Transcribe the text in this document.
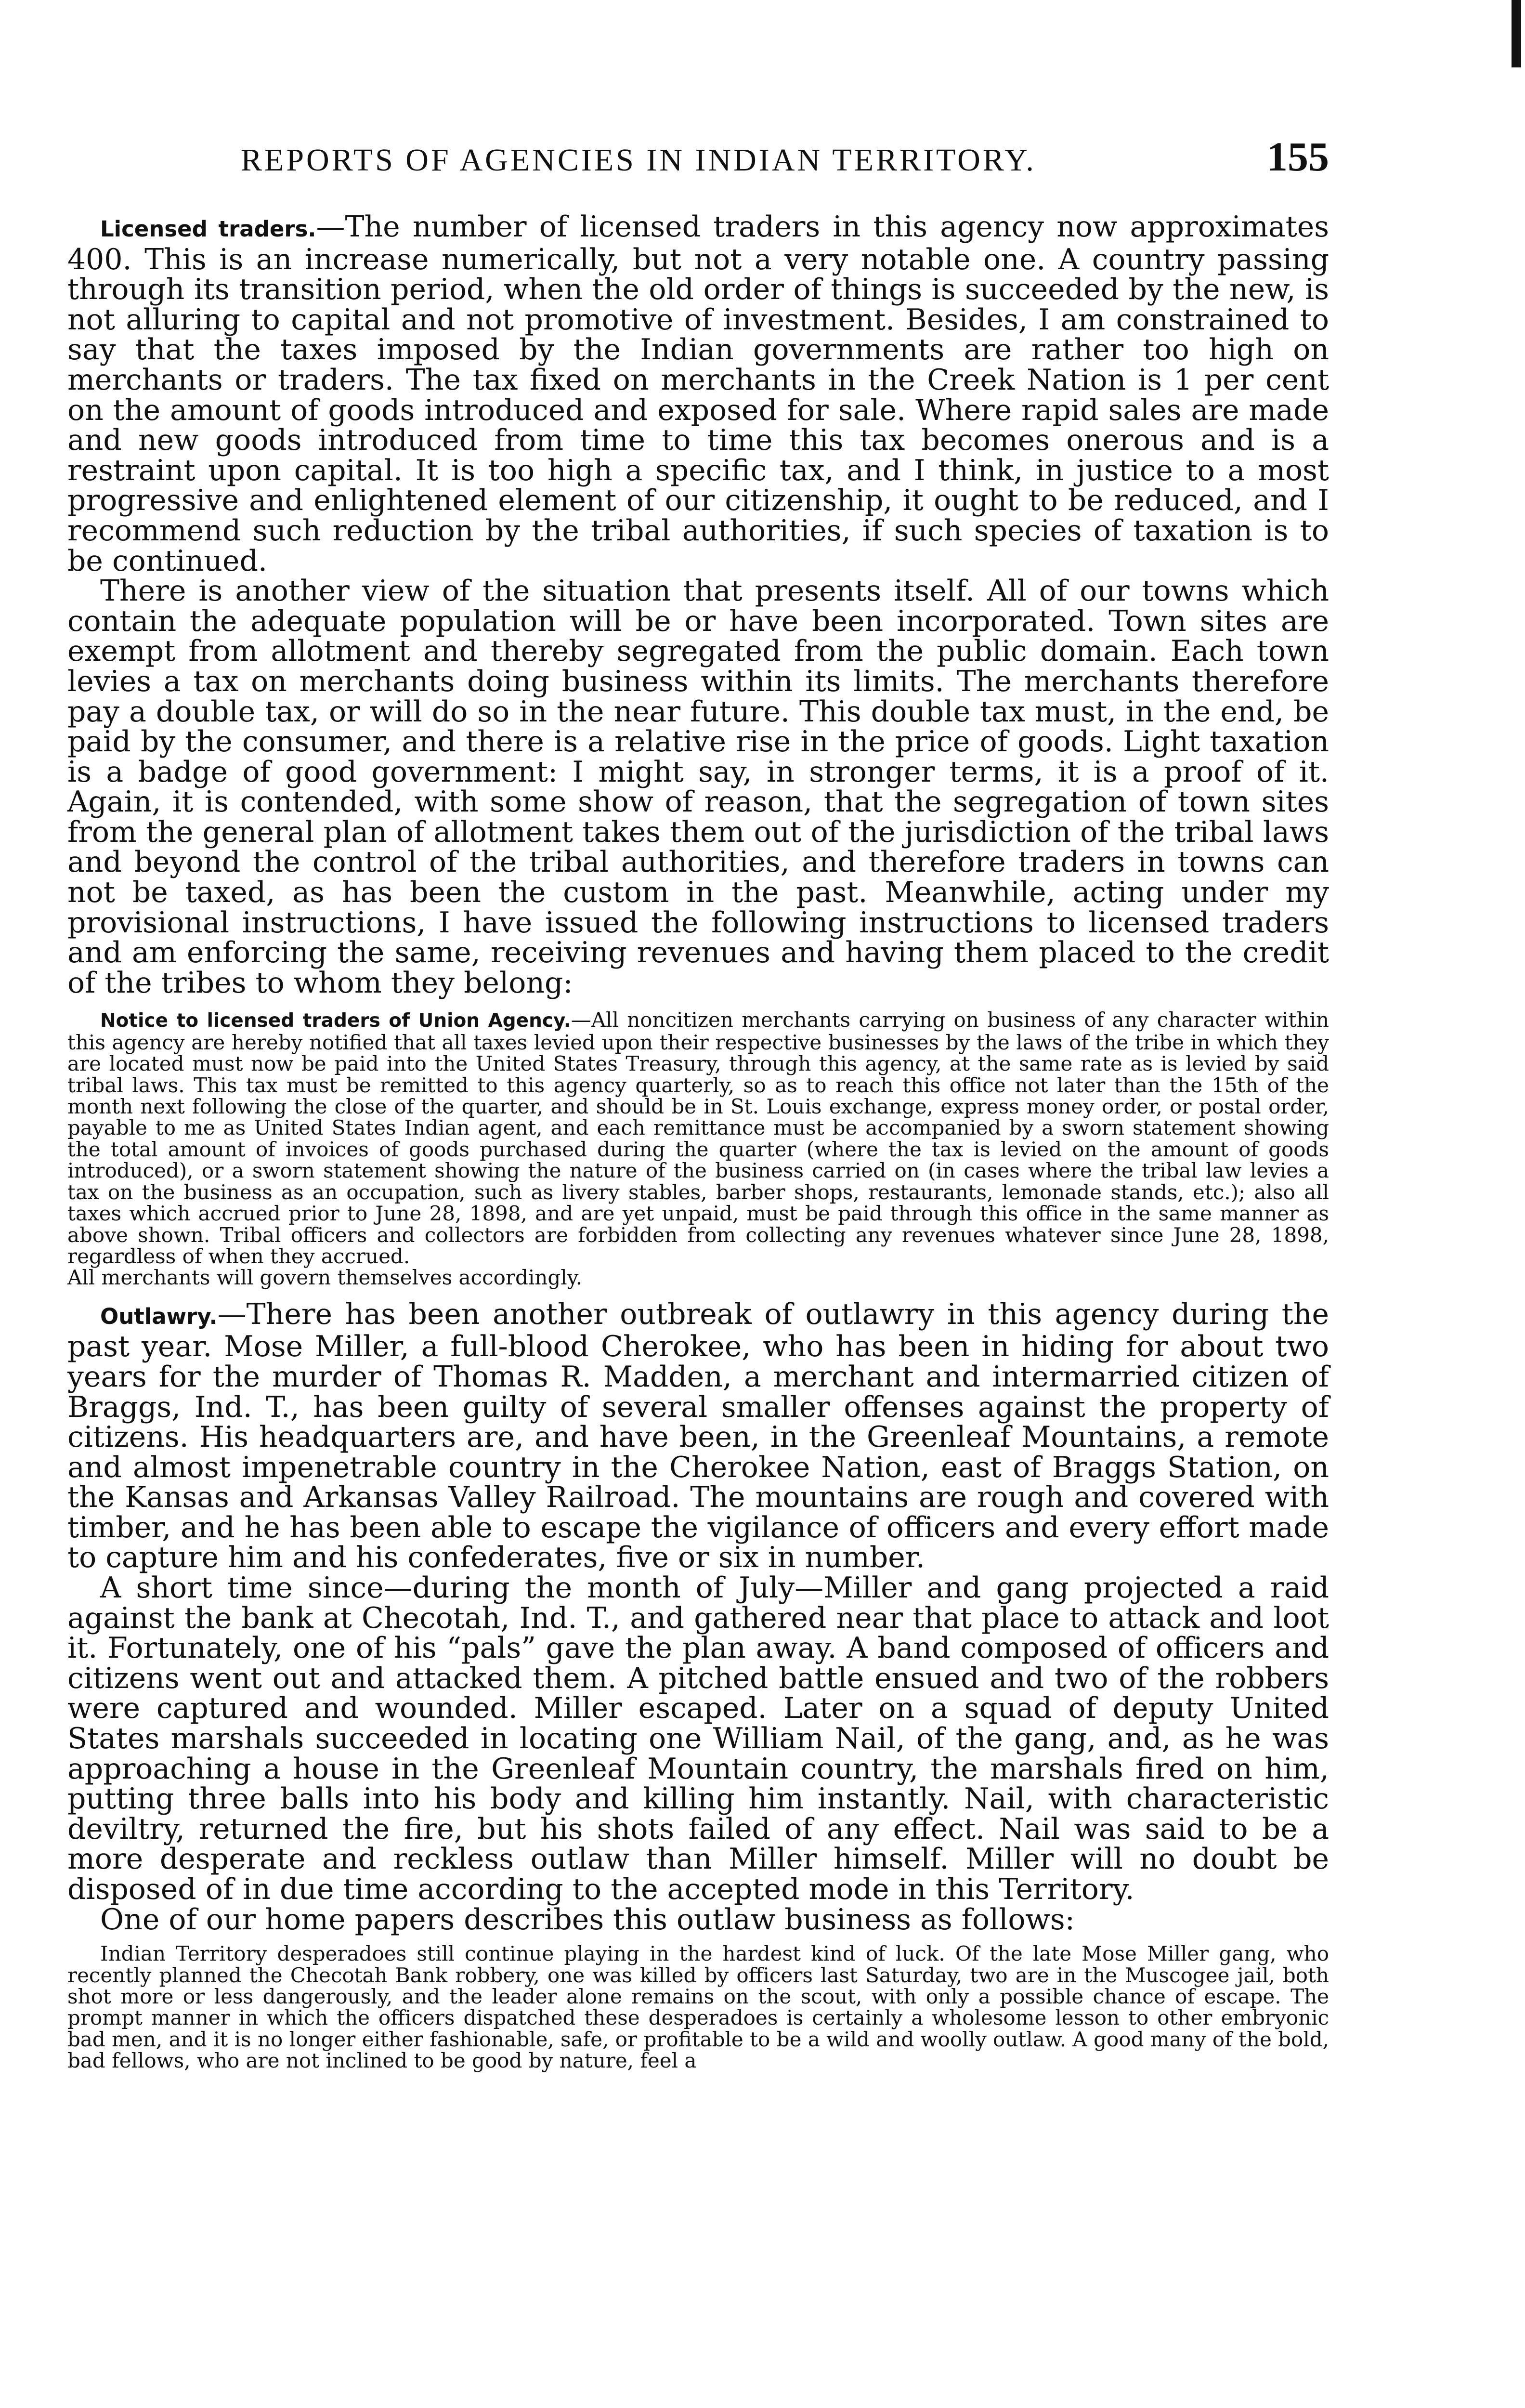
REPORTS OF AGENCIES IN INDIAN TERRITORY.	155

Licensed traders.—The number of licensed traders in this agency now approximates 400. This is an increase numerically, but not a very notable one. A country passing through its transition period, when the old order of things is succeeded by the new, is not alluring to capital and not promotive of investment. Besides, I am constrained to say that the taxes imposed by the Indian governments are rather too high on merchants or traders. The tax fixed on merchants in the Creek Nation is 1 per cent on the amount of goods introduced and exposed for sale. Where rapid sales are made and new goods introduced from time to time this tax becomes onerous and is a restraint upon capital. It is too high a specific tax, and I think, in justice to a most progressive and enlightened element of our citizenship, it ought to be reduced, and I recommend such reduction by the tribal authorities, if such species of taxation is to be continued.

There is another view of the situation that presents itself. All of our towns which contain the adequate population will be or have been incorporated. Town sites are exempt from allotment and thereby segregated from the public domain. Each town levies a tax on merchants doing business within its limits. The merchants therefore pay a double tax, or will do so in the near future. This double tax must, in the end, be paid by the consumer, and there is a relative rise in the price of goods. Light taxation is a badge of good government: I might say, in stronger terms, it is a proof of it. Again, it is contended, with some show of reason, that the segregation of town sites from the general plan of allotment takes them out of the jurisdiction of the tribal laws and beyond the control of the tribal authorities, and therefore traders in towns can not be taxed, as has been the custom in the past. Meanwhile, acting under my provisional instructions, I have issued the following instructions to licensed traders and am enforcing the same, receiving revenues and having them placed to the credit of the tribes to whom they belong:

Notice to licensed traders of Union Agency.—All noncitizen merchants carrying on business of any character within this agency are hereby notified that all taxes levied upon their respective businesses by the laws of the tribe in which they are located must now be paid into the United States Treasury, through this agency, at the same rate as is levied by said tribal laws. This tax must be remitted to this agency quarterly, so as to reach this office not later than the 15th of the month next following the close of the quarter, and should be in St. Louis exchange, express money order, or postal order, payable to me as United States Indian agent, and each remittance must be accompanied by a sworn statement showing the total amount of invoices of goods purchased during the quarter (where the tax is levied on the amount of goods introduced), or a sworn statement showing the nature of the business carried on (in cases where the tribal law levies a tax on the business as an occupation, such as livery stables, barber shops, restaurants, lemonade stands, etc.); also all taxes which accrued prior to June 28, 1898, and are yet unpaid, must be paid through this office in the same manner as above shown. Tribal officers and collectors are forbidden from collecting any revenues whatever since June 28, 1898, regardless of when they accrued.

All merchants will govern themselves accordingly.

Outlawry.—There has been another outbreak of outlawry in this agency during the past year. Mose Miller, a full-blood Cherokee, who has been in hiding for about two years for the murder of Thomas R. Madden, a merchant and intermarried citizen of Braggs, Ind. T., has been guilty of several smaller offenses against the property of citizens. His headquarters are, and have been, in the Greenleaf Mountains, a remote and almost impenetrable country in the Cherokee Nation, east of Braggs Station, on the Kansas and Arkansas Valley Railroad. The mountains are rough and covered with timber, and he has been able to escape the vigilance of officers and every effort made to capture him and his confederates, five or six in number.

A short time since—during the month of July—Miller and gang projected a raid against the bank at Checotah, Ind. T., and gathered near that place to attack and loot it. Fortunately, one of his “pals” gave the plan away. A band composed of officers and citizens went out and attacked them. A pitched battle ensued and two of the robbers were captured and wounded. Miller escaped. Later on a squad of deputy United States marshals succeeded in locating one William Nail, of the gang, and, as he was approaching a house in the Greenleaf Mountain country, the marshals fired on him, putting three balls into his body and killing him instantly. Nail, with characteristic deviltry, returned the fire, but his shots failed of any effect. Nail was said to be a more desperate and reckless outlaw than Miller himself. Miller will no doubt be disposed of in due time according to the accepted mode in this Territory.

One of our home papers describes this outlaw business as follows:

Indian Territory desperadoes still continue playing in the hardest kind of luck. Of the late Mose Miller gang, who recently planned the Checotah Bank robbery, one was killed by officers last Saturday, two are in the Muscogee jail, both shot more or less dangerously, and the leader alone remains on the scout, with only a possible chance of escape. The prompt manner in which the officers dispatched these desperadoes is certainly a wholesome lesson to other embryonic bad men, and it is no longer either fashionable, safe, or profitable to be a wild and woolly outlaw. A good many of the bold, bad fellows, who are not inclined to be good by nature, feel a
